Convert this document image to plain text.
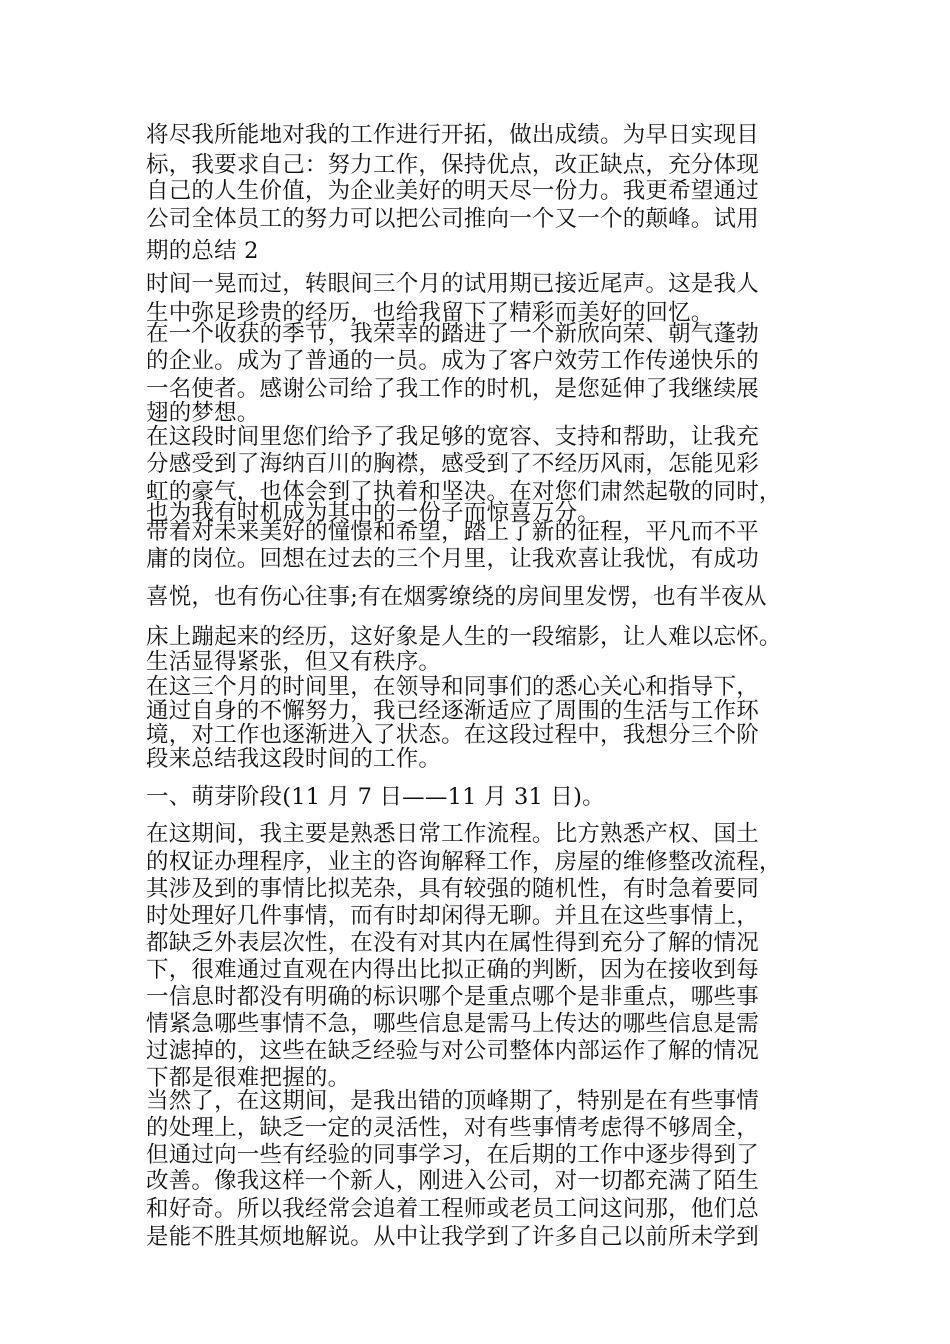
将尽我所能地对我的工作进行开拓，做出成绩。为早日实现目
标，我要求自己：努力工作，保持优点，改正缺点，充分体现
自己的人生价值，为企业美好的明天尽一份力。我更希望通过
公司全体员工的努力可以把公司推向一个又一个的颠峰。试用
期的总结 2
时间一晃而过，转眼间三个月的试用期已接近尾声。这是我人
生中弥足珍贵的经历，也给我留下了精彩而美好的回忆。
在一个收获的季节，我荣幸的踏进了一个新欣向荣、朝气蓬勃
的企业。成为了普通的一员。成为了客户效劳工作传递快乐的
一名使者。感谢公司给了我工作的时机，是您延伸了我继续展
翅的梦想。
在这段时间里您们给予了我足够的宽容、支持和帮助，让我充
分感受到了海纳百川的胸襟，感受到了不经历风雨，怎能见彩
虹的豪气，也体会到了执着和坚决。在对您们肃然起敬的同时，
也为我有时机成为其中的一份子而惊喜万分。
带着对未来美好的憧憬和希望，踏上了新的征程，平凡而不平
庸的岗位。回想在过去的三个月里，让我欢喜让我忧，有成功
喜悦，也有伤心往事;有在烟雾缭绕的房间里发愣，也有半夜从
床上蹦起来的经历，这好象是人生的一段缩影，让人难以忘怀。
生活显得紧张，但又有秩序。
在这三个月的时间里，在领导和同事们的悉心关心和指导下，
通过自身的不懈努力，我已经逐渐适应了周围的生活与工作环
境，对工作也逐渐进入了状态。在这段过程中，我想分三个阶
段来总结我这段时间的工作。
一、萌芽阶段(11 月 7 日——11 月 31 日)。
在这期间，我主要是熟悉日常工作流程。比方熟悉产权、国土
的权证办理程序，业主的咨询解释工作，房屋的维修整改流程，
其涉及到的事情比拟芜杂，具有较强的随机性，有时急着要同
时处理好几件事情，而有时却闲得无聊。并且在这些事情上，
都缺乏外表层次性，在没有对其内在属性得到充分了解的情况
下，很难通过直观在内得出比拟正确的判断，因为在接收到每
一信息时都没有明确的标识哪个是重点哪个是非重点，哪些事
情紧急哪些事情不急，哪些信息是需马上传达的哪些信息是需
过滤掉的，这些在缺乏经验与对公司整体内部运作了解的情况
下都是很难把握的。
当然了，在这期间，是我出错的顶峰期了，特别是在有些事情
的处理上，缺乏一定的灵活性，对有些事情考虑得不够周全，
但通过向一些有经验的同事学习，在后期的工作中逐步得到了
改善。像我这样一个新人，刚进入公司，对一切都充满了陌生
和好奇。所以我经常会追着工程师或老员工问这问那，他们总
是能不胜其烦地解说。从中让我学到了许多自己以前所未学到
